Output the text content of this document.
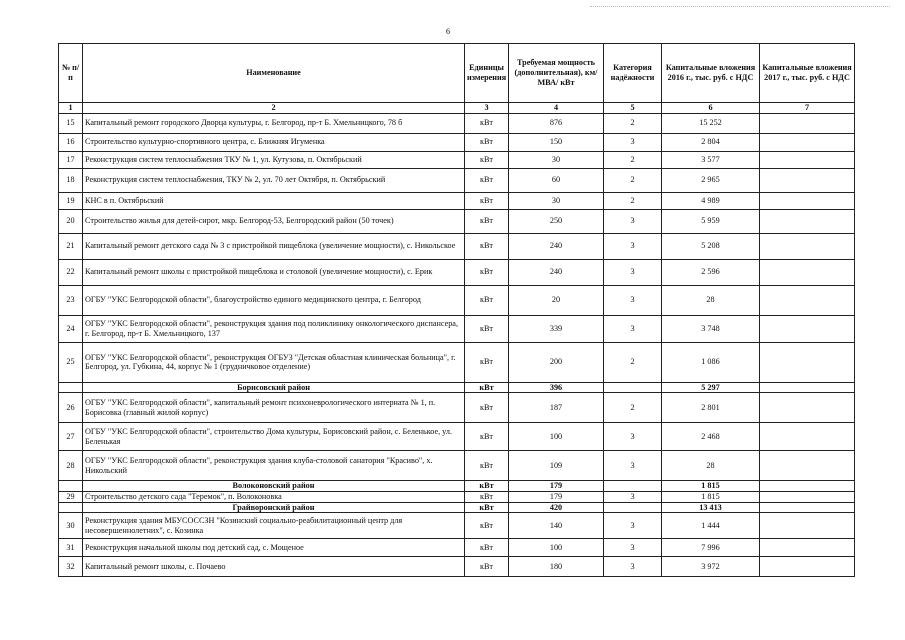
6
№ п/п	Наименование	Единицы измерения	Требуемая мощность (дополнительная), км/ МВА/ кВт	Категория надёжности	Капитальные вложения 2016 г., тыс. руб. с НДС	Капитальные вложения 2017 г., тыс. руб. с НДС
1	2	3	4	5	6	7
15	Капитальный ремонт городского Дворца культуры, г. Белгород, пр-т Б. Хмельницкого, 78 б	кВт	876	2	15 252	
16	Строительство культурно-спортивного центра, с. Ближняя Игуменка	кВт	150	3	2 804	
17	Реконструкция систем теплоснабжения ТКУ № 1, ул. Кутузова, п. Октябрьский	кВт	30	2	3 577	
18	Реконструкция систем теплоснабжения, ТКУ № 2, ул. 70 лет Октября, п. Октябрьский	кВт	60	2	2 965	
19	КНС в п. Октябрьский	кВт	30	2	4 989	
20	Строительство жилья для детей-сирот, мкр. Белгород-53, Белгородский район (50 точек)	кВт	250	3	5 959	
21	Капитальный ремонт детского сада № 3 с пристройкой пищеблока (увеличение мощности), с. Никольское	кВт	240	3	5 208	
22	Капитальный ремонт школы с пристройкой пищеблока и столовой (увеличение мощности), с. Ерик	кВт	240	3	2 596	
23	ОГБУ "УКС Белгородской области", благоустройство единого медицинского центра, г. Белгород	кВт	20	3	28	
24	ОГБУ "УКС Белгородской области", реконструкция здания под поликлинику онкологического диспансера, г. Белгород, пр-т Б. Хмельницкого, 137	кВт	339	3	3 748	
25	ОГБУ "УКС Белгородской области", реконструкция ОГБУЗ "Детская областная клиническая больница", г. Белгород, ул. Губкина, 44, корпус № 1 (грудничковое отделение)	кВт	200	2	1 086	
	Борисовский район	кВт	396		5 297	
26	ОГБУ "УКС Белгородской области", капитальный ремонт психоневрологического интерната № 1, п. Борисовка (главный жилой корпус)	кВт	187	2	2 801	
27	ОГБУ "УКС Белгородской области", строительство Дома культуры, Борисовский район, с. Беленькое, ул. Беленькая	кВт	100	3	2 468	
28	ОГБУ "УКС Белгородской области", реконструкция здания клуба-столовой санатория "Красиво", х. Никольский	кВт	109	3	28	
	Волоконовский район	кВт	179		1 815	
29	Строительство детского сада "Теремок", п. Волоконовка	кВт	179	3	1 815	
	Грайворонский район	кВт	420		13 413	
30	Реконструкция здания МБУСОССЗН "Козинский социально-реабилитационный центр для несовершеннолетних", с. Козинка	кВт	140	3	1 444	
31	Реконструкция начальной школы под детский сад, с. Мощеное	кВт	100	3	7 996	
32	Капитальный ремонт школы, с. Почаево	кВт	180	3	3 972	
